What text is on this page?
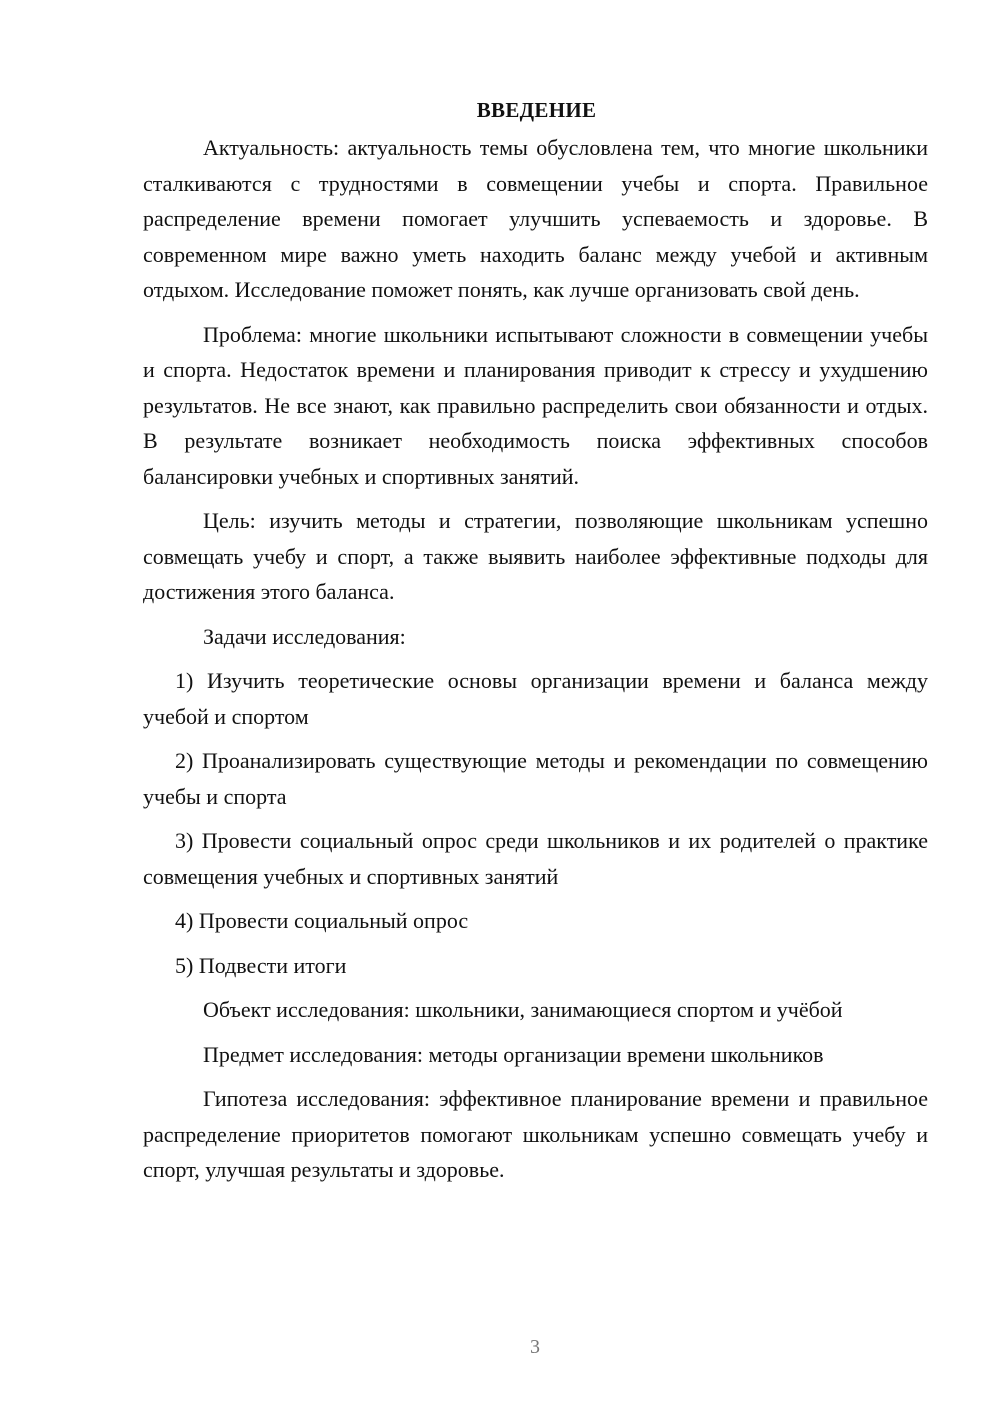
ВВЕДЕНИЕ

Актуальность: актуальность темы обусловлена тем, что многие школьники сталкиваются с трудностями в совмещении учебы и спорта. Правильное распределение времени помогает улучшить успеваемость и здоровье. В современном мире важно уметь находить баланс между учебой и активным отдыхом. Исследование поможет понять, как лучше организовать свой день.

Проблема: многие школьники испытывают сложности в совмещении учебы и спорта. Недостаток времени и планирования приводит к стрессу и ухудшению результатов. Не все знают, как правильно распределить свои обязанности и отдых. В результате возникает необходимость поиска эффективных способов балансировки учебных и спортивных занятий.

Цель: изучить методы и стратегии, позволяющие школьникам успешно совмещать учебу и спорт, а также выявить наиболее эффективные подходы для достижения этого баланса.

Задачи исследования:

1) Изучить теоретические основы организации времени и баланса между учебой и спортом

2) Проанализировать существующие методы и рекомендации по совмещению учебы и спорта

3) Провести социальный опрос среди школьников и их родителей о практике совмещения учебных и спортивных занятий

4) Провести социальный опрос

5) Подвести итоги

Объект исследования: школьники, занимающиеся спортом и учёбой

Предмет исследования: методы организации времени школьников

Гипотеза исследования: эффективное планирование времени и правильное распределение приоритетов помогают школьникам успешно совмещать учебу и спорт, улучшая результаты и здоровье.

3
